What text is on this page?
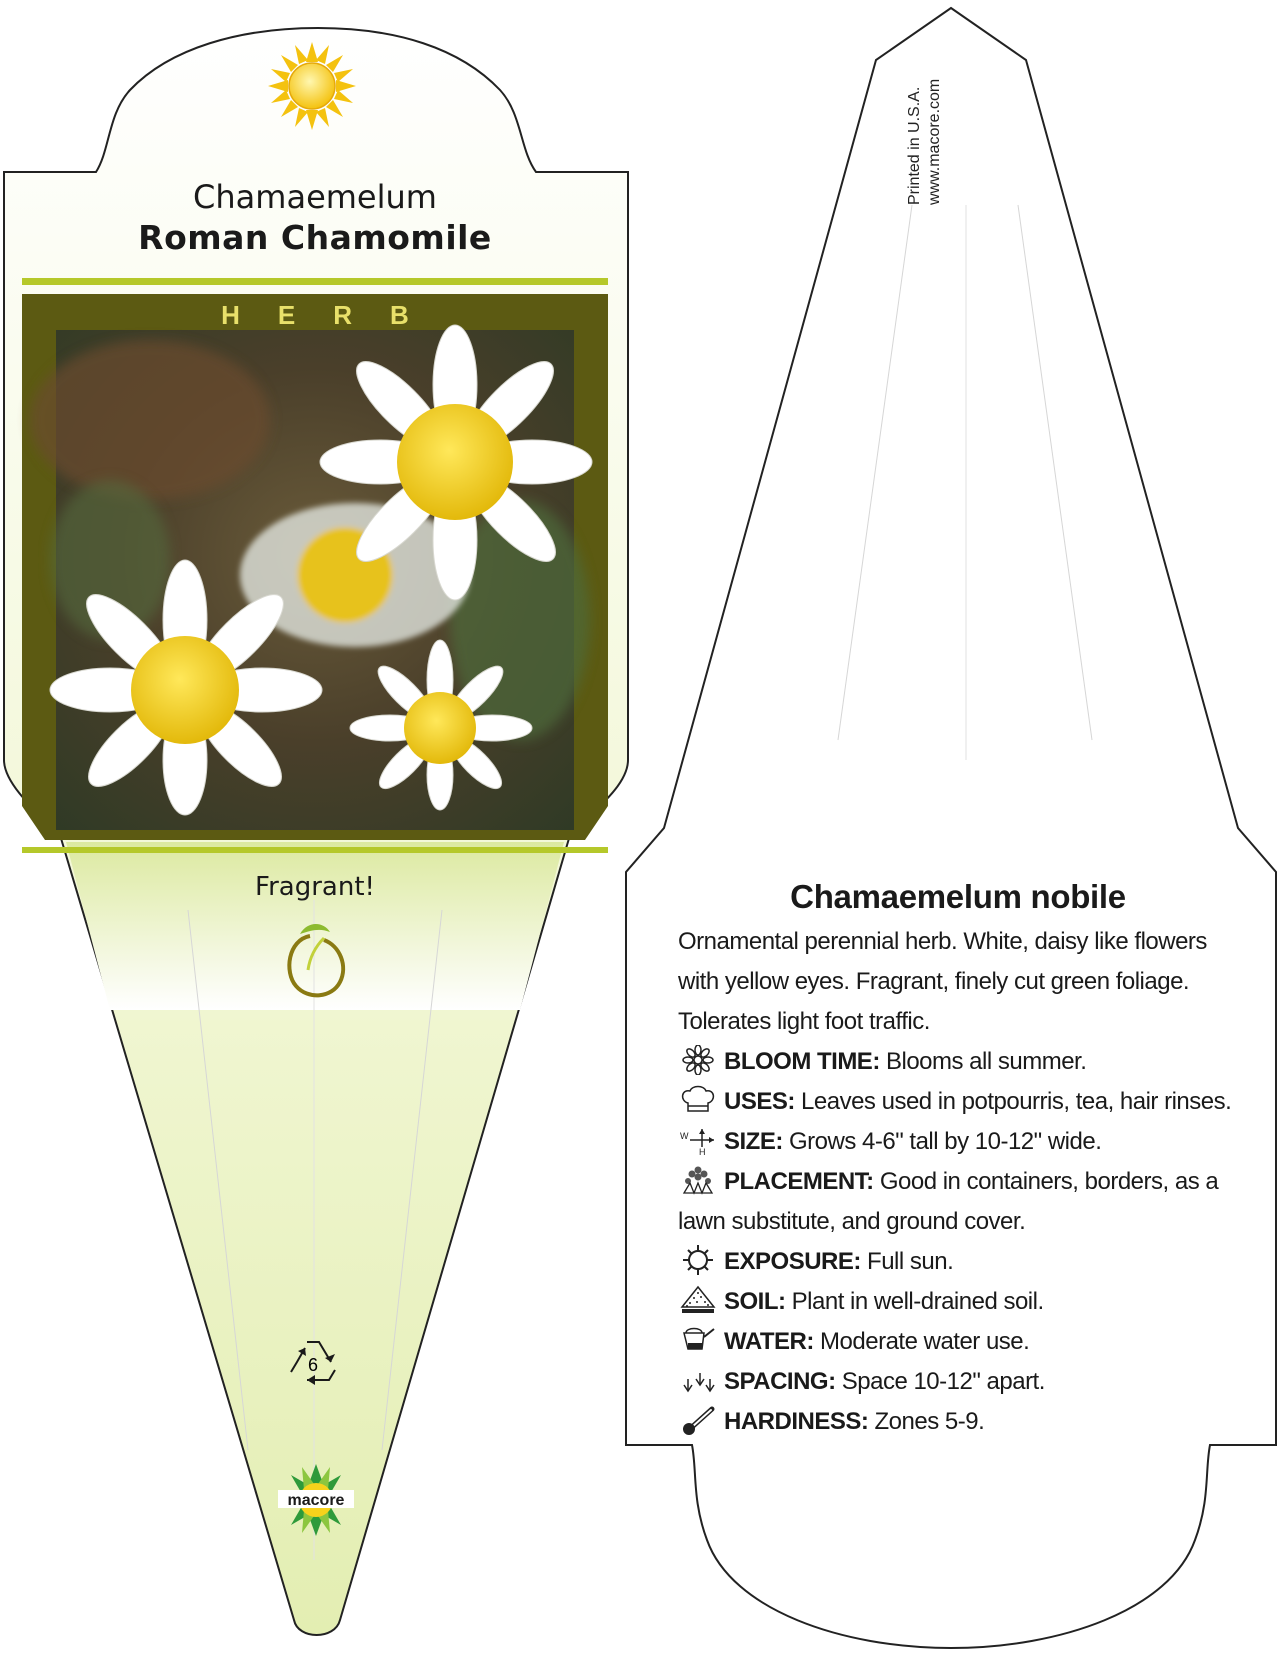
Chamaemelum
Roman Chamomile
HERB
Fragrant!
6
macore
Printed in U.S.A. www.macore.com
Chamaemelum nobile
Ornamental perennial herb. White, daisy like flowers with yellow eyes. Fragrant, finely cut green foliage. Tolerates light foot traffic.
BLOOM TIME: Blooms all summer.
USES: Leaves used in potpourris, tea, hair rinses.
W
H SIZE: Grows 4-6" tall by 10-12" wide.
PLACEMENT: Good in containers, borders, as a lawn substitute, and ground cover.
EXPOSURE: Full sun.
SOIL: Plant in well-drained soil.
WATER: Moderate water use.
SPACING: Space 10-12" apart.
HARDINESS: Zones 5-9.
